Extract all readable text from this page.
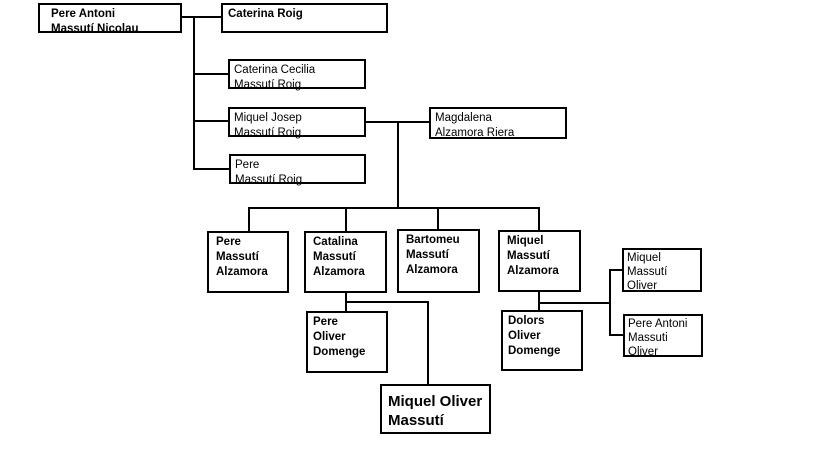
Pere Antoni
Massutí Nicolau
Caterina Roig
Caterina Cecilia
Massutí Roig
Miquel Josep
Massutí Roig
Magdalena
Alzamora Riera
Pere
Massutí Roig
Pere
Massutí
Alzamora
Catalina
Massutí
Alzamora
Bartomeu
Massutí
Alzamora
Miquel
Massutí
Alzamora
Miquel
Massutí
Oliver
Pere Antoni
Massuti
Oliver
Pere
Oliver
Domenge
Dolors
Oliver
Domenge
Miquel Oliver
Massutí
